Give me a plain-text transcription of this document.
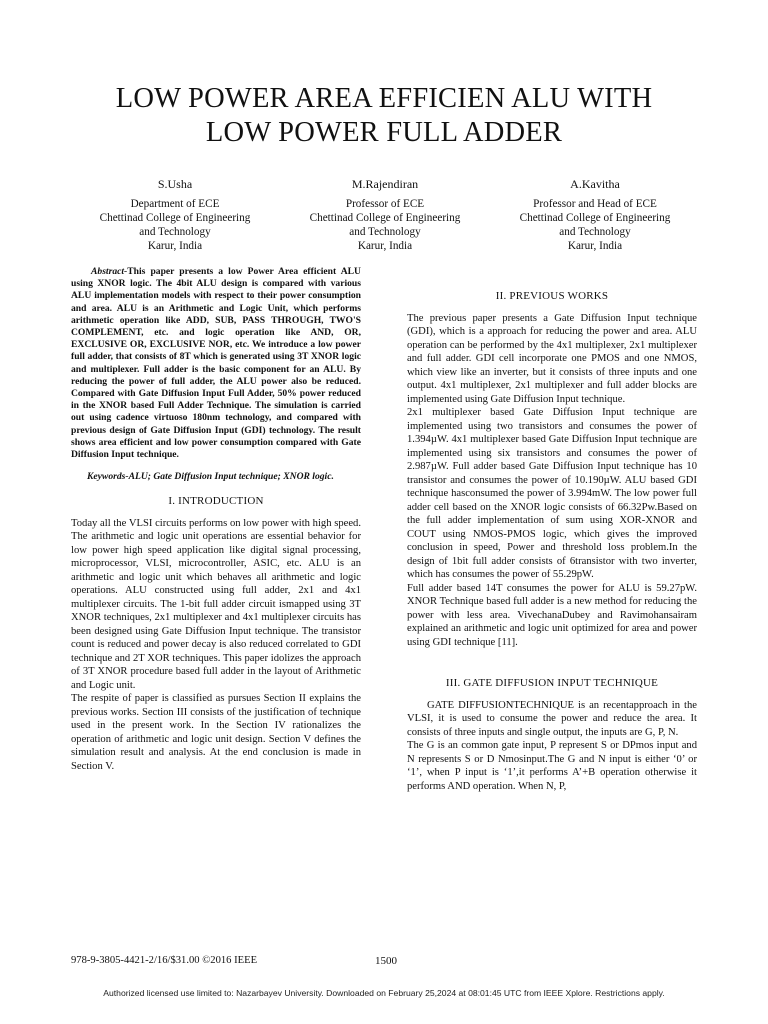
LOW POWER AREA EFFICIEN ALU WITH
LOW POWER FULL ADDER
S.Usha
Department of ECE
Chettinad College of Engineering
and Technology
Karur, India
M.Rajendiran
Professor of ECE
Chettinad College of Engineering
and Technology
Karur, India
A.Kavitha
Professor and Head of ECE
Chettinad College of Engineering
and Technology
Karur, India

Abstract-This paper presents a low Power Area efficient ALU using XNOR logic. The 4bit ALU design is compared with various ALU implementation models with respect to their power consumption and area. ALU is an Arithmetic and Logic Unit, which performs arithmetic operation like ADD, SUB, PASS THROUGH, TWO'S COMPLEMENT, etc. and logic operation like AND, OR, EXCLUSIVE OR, EXCLUSIVE NOR, etc. We introduce a low power full adder, that consists of 8T which is generated using 3T XNOR logic and multiplexer. Full adder is the basic component for an ALU. By reducing the power of full adder, the ALU power also be reduced. Compared with Gate Diffusion Input Full Adder, 50% power reduced in the XNOR based Full Adder Technique. The simulation is carried out using cadence virtuoso 180nm technology, and compared with previous design of Gate Diffusion Input (GDI) technology. The result shows area efficient and low power consumption compared with Gate Diffusion Input technique.

Keywords-ALU; Gate Diffusion Input technique; XNOR logic.

I. INTRODUCTION

Today all the VLSI circuits performs on low power with high speed. The arithmetic and logic unit operations are essential behavior for low power high speed application like digital signal processing, microprocessor, VLSI, microcontroller, ASIC, etc. ALU is an arithmetic and logic unit which behaves all arithmetic and logic operations. ALU constructed using full adder, 2x1 and 4x1 multiplexer circuits. The 1-bit full adder circuit ismapped using 3T XNOR techniques, 2x1 multiplexer and 4x1 multiplexer circuits has been designed using Gate Diffusion Input technique. The transistor count is reduced and power decay is also reduced correlated to GDI technique and 2T XOR techniques. This paper idolizes the approach of 3T XNOR procedure based full adder in the layout of Arithmetic and Logic unit.

The respite of paper is classified as pursues Section II explains the previous works. Section III consists of the justification of technique used in the present work. In the Section IV rationalizes the operation of arithmetic and logic unit design. Section V defines the simulation result and analysis. At the end conclusion is made in Section V.

II. PREVIOUS WORKS

The previous paper presents a Gate Diffusion Input technique (GDI), which is a approach for reducing the power and area. ALU operation can be performed by the 4x1 multiplexer, 2x1 multiplexer and full adder. GDI cell incorporate one PMOS and one NMOS, which view like an inverter, but it consists of three inputs and one output. 4x1 multiplexer, 2x1 multiplexer and full adder blocks are implemented using Gate Diffusion Input technique.

2x1 multiplexer based Gate Diffusion Input technique are implemented using two transistors and consumes the power of 1.394µW. 4x1 multiplexer based Gate Diffusion Input technique are implemented using six transistors and consumes the power of 2.987µW. Full adder based Gate Diffusion Input technique has 10 transistor and consumes the power of 10.190µW. ALU based GDI technique hasconsumed the power of 3.994mW. The low power full adder cell based on the XNOR logic consists of 66.32Pw.Based on the full adder implementation of sum using XOR-XNOR and COUT using NMOS-PMOS logic, which gives the improved conclusion in speed, Power and threshold loss problem.In the design of 1bit full adder consists of 6transistor with two inverter, which has consumes the power of 55.29pW.

Full adder based 14T consumes the power for ALU is 59.27pW. XNOR Technique based full adder is a new method for reducing the power with less area. VivechanaDubey and Ravimohansairam explained an arithmetic and logic unit optimized for area and power using GDI technique [11].

III. GATE DIFFUSION INPUT TECHNIQUE

GATE DIFFUSIONTECHNIQUE is an recentapproach in the VLSI, it is used to consume the power and reduce the area. It consists of three inputs and single output, the inputs are G, P, N.

The G is an common gate input, P represent S or DPmos input and N represents S or D Nmosinput.The G and N input is either ‘0’ or ‘1’, when P input is ‘1’,it performs A’+B operation otherwise it performs AND operation. When N, P,

978-9-3805-4421-2/16/$31.00 ©2016 IEEE	1500
Authorized licensed use limited to: Nazarbayev University. Downloaded on February 25,2024 at 08:01:45 UTC from IEEE Xplore. Restrictions apply.
